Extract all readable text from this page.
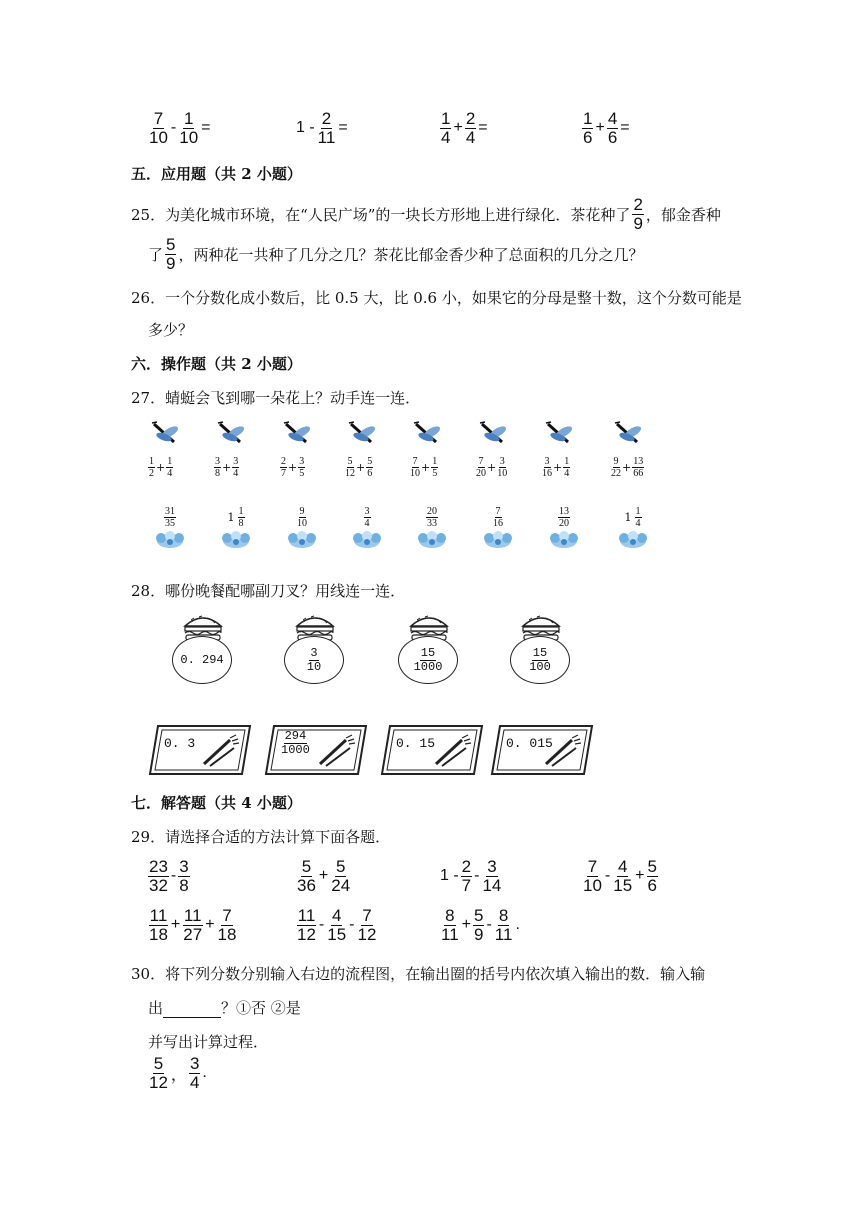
$\frac{7}{10} - \frac{1}{10}$ =	$1 - \frac{2}{11}$ =	$\frac{1}{4} + \frac{2}{4}$ =	$\frac{1}{6} + \frac{4}{6}$ =
五．应用题（共 2 小题）
25．为美化城市环境，在“人民广场”的一块长方形地上进行绿化．茶花种了 $\frac{2}{9}$ ，郁金香种
了 $\frac{5}{9}$ ，两种花一共种了几分之几？茶花比郁金香少种了总面积的几分之几？
26．一个分数化成小数后，比 0.5 大，比 0.6 小，如果它的分母是整十数，这个分数可能是
多少？
六．操作题（共 2 小题）
27．蜻蜓会飞到哪一朵花上？动手连一连．
$\frac{1}{2} + \frac{1}{4}$	$\frac{3}{8} + \frac{3}{4}$	$\frac{2}{7} + \frac{3}{5}$	$\frac{5}{12} + \frac{5}{6}$	$\frac{7}{10} + \frac{1}{5}$	$\frac{7}{20} + \frac{3}{10}$	$\frac{3}{16} + \frac{1}{4}$	$\frac{9}{22} + \frac{13}{66}$
$\frac{31}{35}$	$1 \frac{1}{8}$	$\frac{9}{10}$	$\frac{3}{4}$	$\frac{20}{33}$	$\frac{7}{16}$	$\frac{13}{20}$	$1 \frac{1}{4}$
28．哪份晚餐配哪副刀叉？用线连一连．
0. 294	$\frac{3}{10}$	$\frac{15}{1000}$	$\frac{15}{100}$
0. 3	$\frac{294}{1000}$	0. 15	0. 015
七．解答题（共 4 小题）
29．请选择合适的方法计算下面各题．
$\frac{23}{32} - \frac{3}{8}$	$\frac{5}{36} + \frac{5}{24}$	$1 - \frac{2}{7} - \frac{3}{14}$	$\frac{7}{10} - \frac{4}{15} + \frac{5}{6}$
$\frac{11}{18} + \frac{11}{27} + \frac{7}{18}$	$\frac{11}{12} - \frac{4}{15} - \frac{7}{12}$	$\frac{8}{11} + \frac{5}{9} - \frac{8}{11}$ .
30．将下列分数分别输入右边的流程图，在输出圈的括号内依次填入输出的数．输入输
出	？①否 ②是
并写出计算过程．
$\frac{5}{12}$ ， $\frac{3}{4}$ .
